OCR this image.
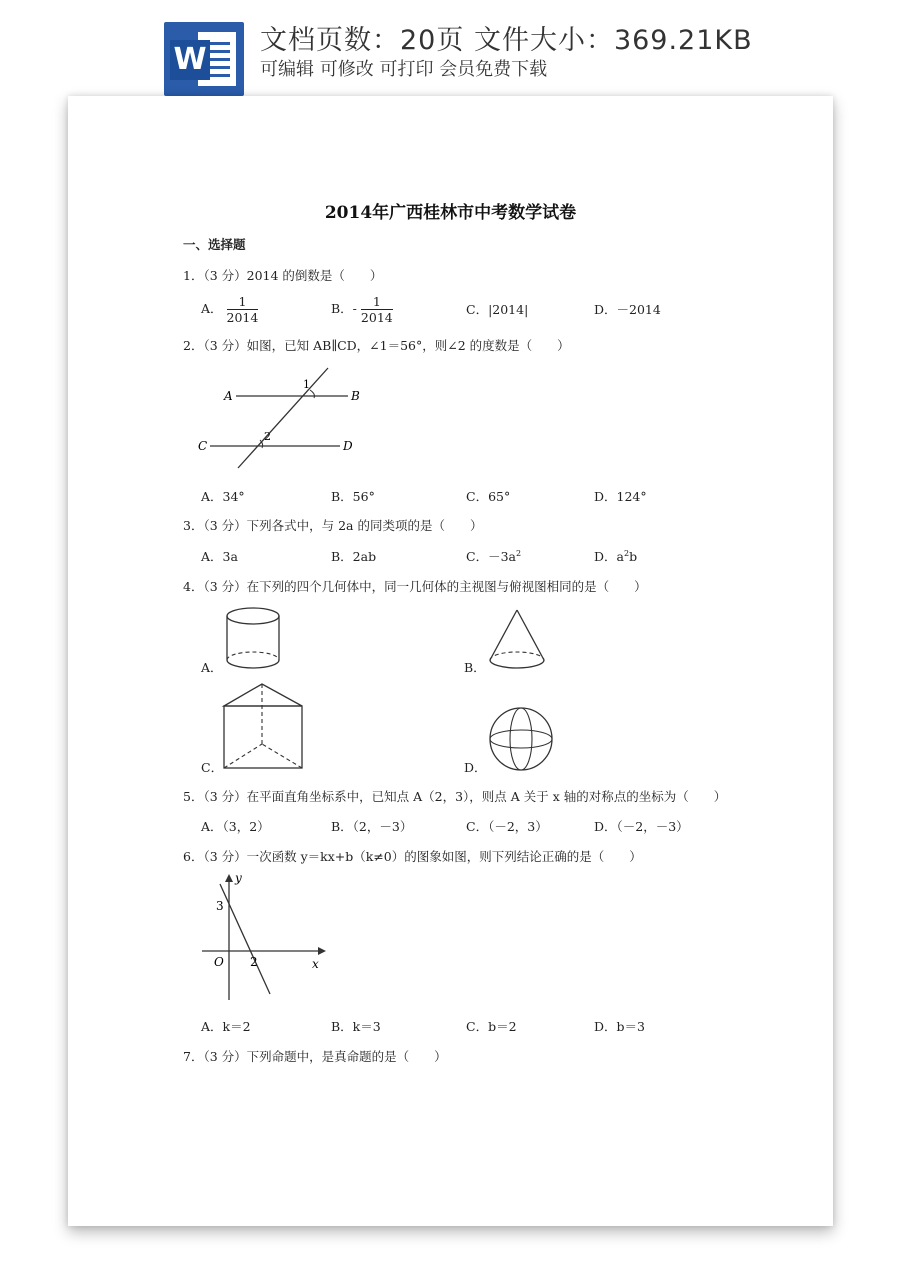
W
文档页数：20页 文件大小：369.21KB
可编辑 可修改 可打印 会员免费下载
2014年广西桂林市中考数学试卷
一、选择题
1．（3 分）2014 的倒数是（　　）
A． $\frac{1}{2014}$	B．- $\frac{1}{2014}$	C．|2014|	D．－2014
2．（3 分）如图，已知 AB∥CD，∠1＝56°，则∠2 的度数是（　　）
A	B
C	D
1
2
A．34°	B．56°	C．65°	D．124°
3．（3 分）下列各式中，与 2a 的同类项的是（　　）
A．3a	B．2ab	C．$-3a^2$	D．$a^2b$
4．（3 分）在下列的四个几何体中，同一几何体的主视图与俯视图相同的是（　　）
A．	B．
C．	D．
5．（3 分）在平面直角坐标系中，已知点 A（2，3），则点 A 关于 x 轴的对称点的坐标为（　　）
A．（3，2）	B．（2，－3）	C．（－2，3）	D．（－2，－3）
6．（3 分）一次函数 y＝kx+b（k≠0）的图象如图，则下列结论正确的是（　　）
y
x
O
3
2
A．k＝2	B．k＝3	C．b＝2	D．b＝3
7．（3 分）下列命题中，是真命题的是（　　）
